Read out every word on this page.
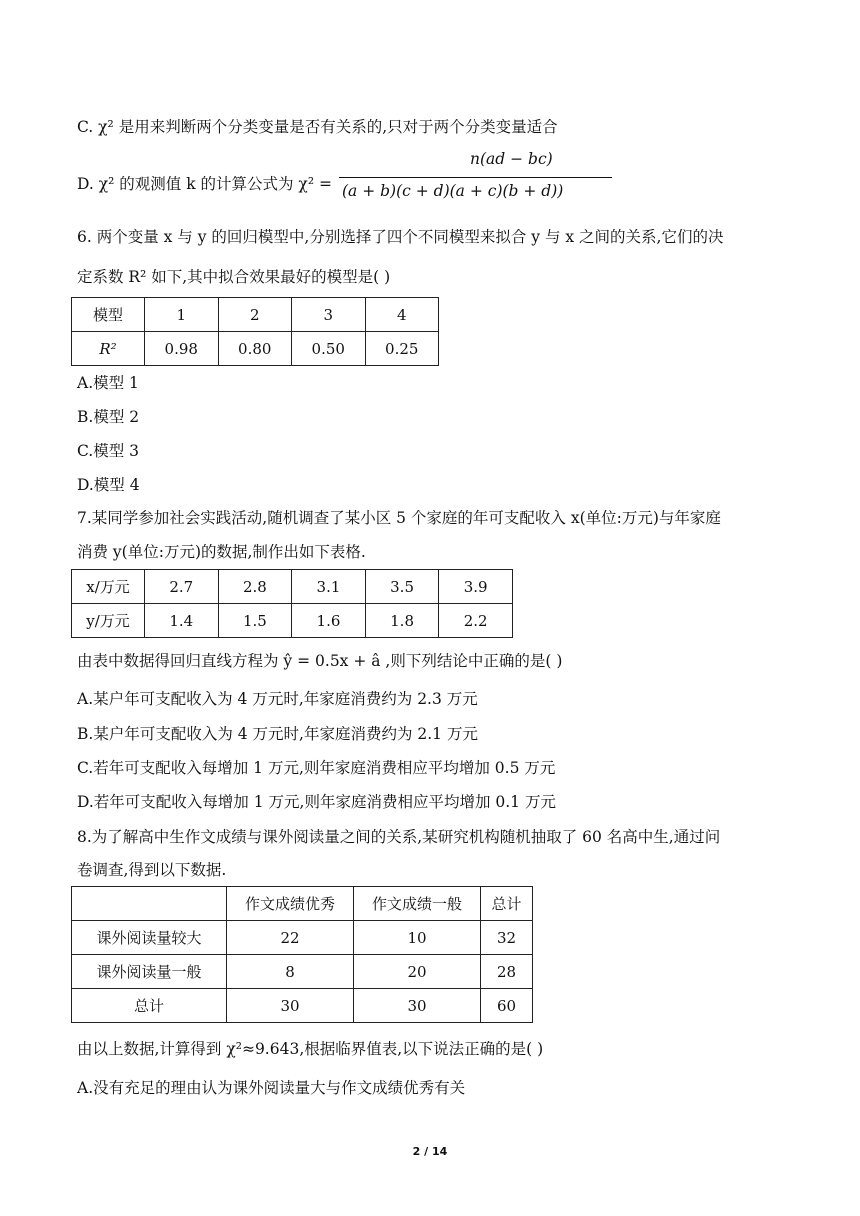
C. χ² 是用来判断两个分类变量是否有关系的,只对于两个分类变量适合
D. χ² 的观测值 k 的计算公式为 χ² =
n(ad − bc)
(a + b)(c + d)(a + c)(b + d))
6. 两个变量 x 与 y 的回归模型中,分别选择了四个不同模型来拟合 y 与 x 之间的关系,它们的决
定系数 R² 如下,其中拟合效果最好的模型是( )
模型	1	2	3	4
R²	0.98	0.80	0.50	0.25
A.模型 1
B.模型 2
C.模型 3
D.模型 4
7.某同学参加社会实践活动,随机调查了某小区 5 个家庭的年可支配收入 x(单位:万元)与年家庭
消费 y(单位:万元)的数据,制作出如下表格.
x/万元	2.7	2.8	3.1	3.5	3.9
y/万元	1.4	1.5	1.6	1.8	2.2
由表中数据得回归直线方程为 ŷ = 0.5x + â ,则下列结论中正确的是( )
A.某户年可支配收入为 4 万元时,年家庭消费约为 2.3 万元
B.某户年可支配收入为 4 万元时,年家庭消费约为 2.1 万元
C.若年可支配收入每增加 1 万元,则年家庭消费相应平均增加 0.5 万元
D.若年可支配收入每增加 1 万元,则年家庭消费相应平均增加 0.1 万元
8.为了解高中生作文成绩与课外阅读量之间的关系,某研究机构随机抽取了 60 名高中生,通过问
卷调查,得到以下数据.
	作文成绩优秀	作文成绩一般	总计
课外阅读量较大	22	10	32
课外阅读量一般	8	20	28
总计	30	30	60
由以上数据,计算得到 χ²≈9.643,根据临界值表,以下说法正确的是( )
A.没有充足的理由认为课外阅读量大与作文成绩优秀有关
2 / 14
